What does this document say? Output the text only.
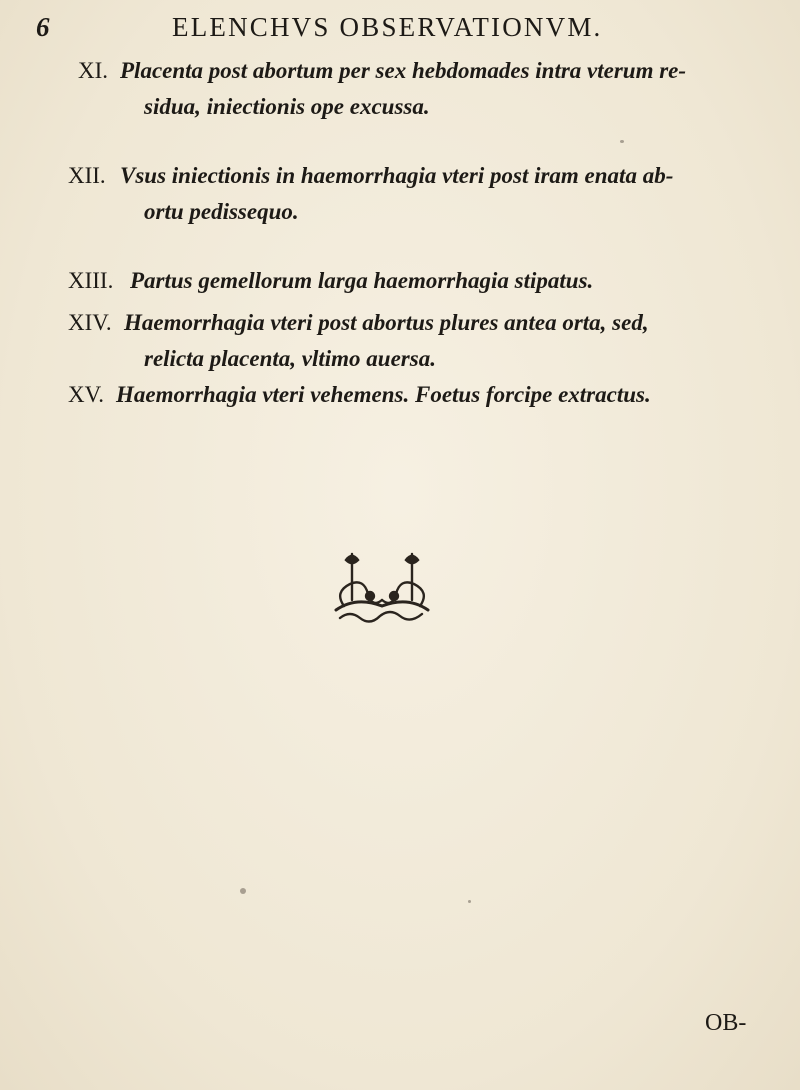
6	ELENCHVS OBSERVATIONVM.
XI. Placenta post abortum per sex hebdomades intra vterum re-
sidua, iniectionis ope excussa.
XII. Vsus iniectionis in haemorrhagia vteri post iram enata ab-
ortu pedissequo.
XIII. Partus gemellorum larga haemorrhagia stipatus.
XIV. Haemorrhagia vteri post abortus plures antea orta, sed,
relicta placenta, vltimo auersa.
XV. Haemorrhagia vteri vehemens. Foetus forcipe extractus.
OB-
